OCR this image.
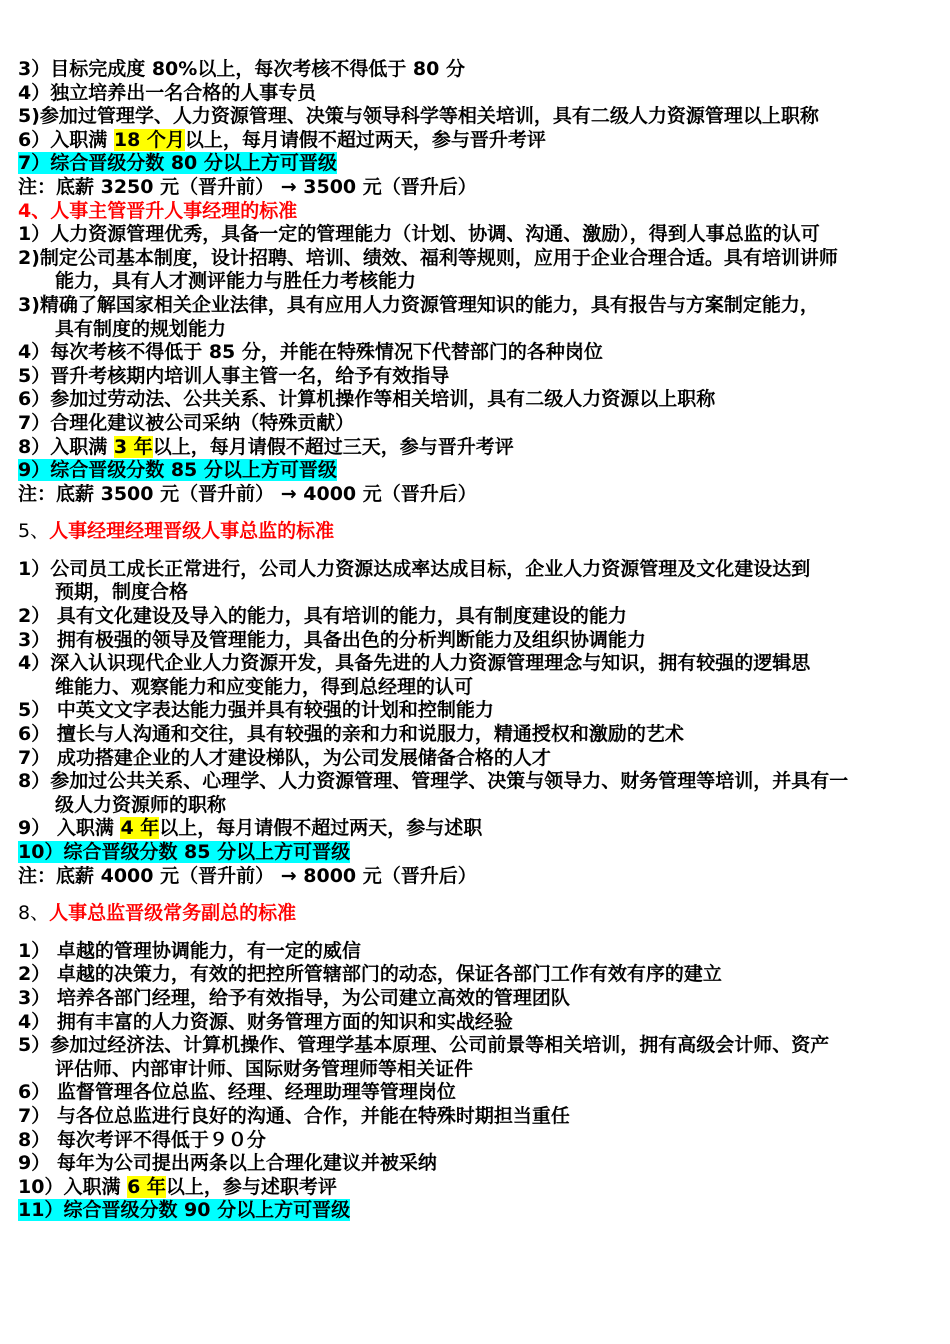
3）目标完成度 80%以上，每次考核不得低于 80 分
4）独立培养出一名合格的人事专员
5)参加过管理学、人力资源管理、决策与领导科学等相关培训，具有二级人力资源管理以上职称
6）入职满 18 个月以上，每月请假不超过两天，参与晋升考评
7）综合晋级分数 80 分以上方可晋级
注：底薪 3250 元（晋升前） → 3500 元（晋升后）
4、人事主管晋升人事经理的标准
1）人力资源管理优秀，具备一定的管理能力（计划、协调、沟通、激励），得到人事总监的认可
2)制定公司基本制度，设计招聘、培训、绩效、福利等规则，应用于企业合理合适。具有培训讲师
能力，具有人才测评能力与胜任力考核能力
3)精确了解国家相关企业法律，具有应用人力资源管理知识的能力，具有报告与方案制定能力，
具有制度的规划能力
4）每次考核不得低于 85 分，并能在特殊情况下代替部门的各种岗位
5）晋升考核期内培训人事主管一名，给予有效指导
6）参加过劳动法、公共关系、计算机操作等相关培训，具有二级人力资源以上职称
7）合理化建议被公司采纳（特殊贡献）
8）入职满 3 年以上，每月请假不超过三天，参与晋升考评
9）综合晋级分数 85 分以上方可晋级
注：底薪 3500 元（晋升前） → 4000 元（晋升后）
5、人事经理经理晋级人事总监的标准
1）公司员工成长正常进行，公司人力资源达成率达成目标，企业人力资源管理及文化建设达到
预期，制度合格
2） 具有文化建设及导入的能力，具有培训的能力，具有制度建设的能力
3） 拥有极强的领导及管理能力，具备出色的分析判断能力及组织协调能力
4）深入认识现代企业人力资源开发，具备先进的人力资源管理理念与知识，拥有较强的逻辑思
维能力、观察能力和应变能力，得到总经理的认可
5） 中英文文字表达能力强并具有较强的计划和控制能力
6） 擅长与人沟通和交往，具有较强的亲和力和说服力，精通授权和激励的艺术
7） 成功搭建企业的人才建设梯队，为公司发展储备合格的人才
8）参加过公共关系、心理学、人力资源管理、管理学、决策与领导力、财务管理等培训，并具有一
级人力资源师的职称
9） 入职满 4 年以上，每月请假不超过两天，参与述职
10）综合晋级分数 85 分以上方可晋级
注：底薪 4000 元（晋升前） → 8000 元（晋升后）
8、人事总监晋级常务副总的标准
1） 卓越的管理协调能力，有一定的威信
2） 卓越的决策力，有效的把控所管辖部门的动态，保证各部门工作有效有序的建立
3） 培养各部门经理，给予有效指导，为公司建立高效的管理团队
4） 拥有丰富的人力资源、财务管理方面的知识和实战经验
5）参加过经济法、计算机操作、管理学基本原理、公司前景等相关培训，拥有高级会计师、资产
评估师、内部审计师、国际财务管理师等相关证件
6） 监督管理各位总监、经理、经理助理等管理岗位
7） 与各位总监进行良好的沟通、合作，并能在特殊时期担当重任
8） 每次考评不得低于９０分
9） 每年为公司提出两条以上合理化建议并被采纳
10）入职满 6 年以上，参与述职考评
11）综合晋级分数 90 分以上方可晋级
